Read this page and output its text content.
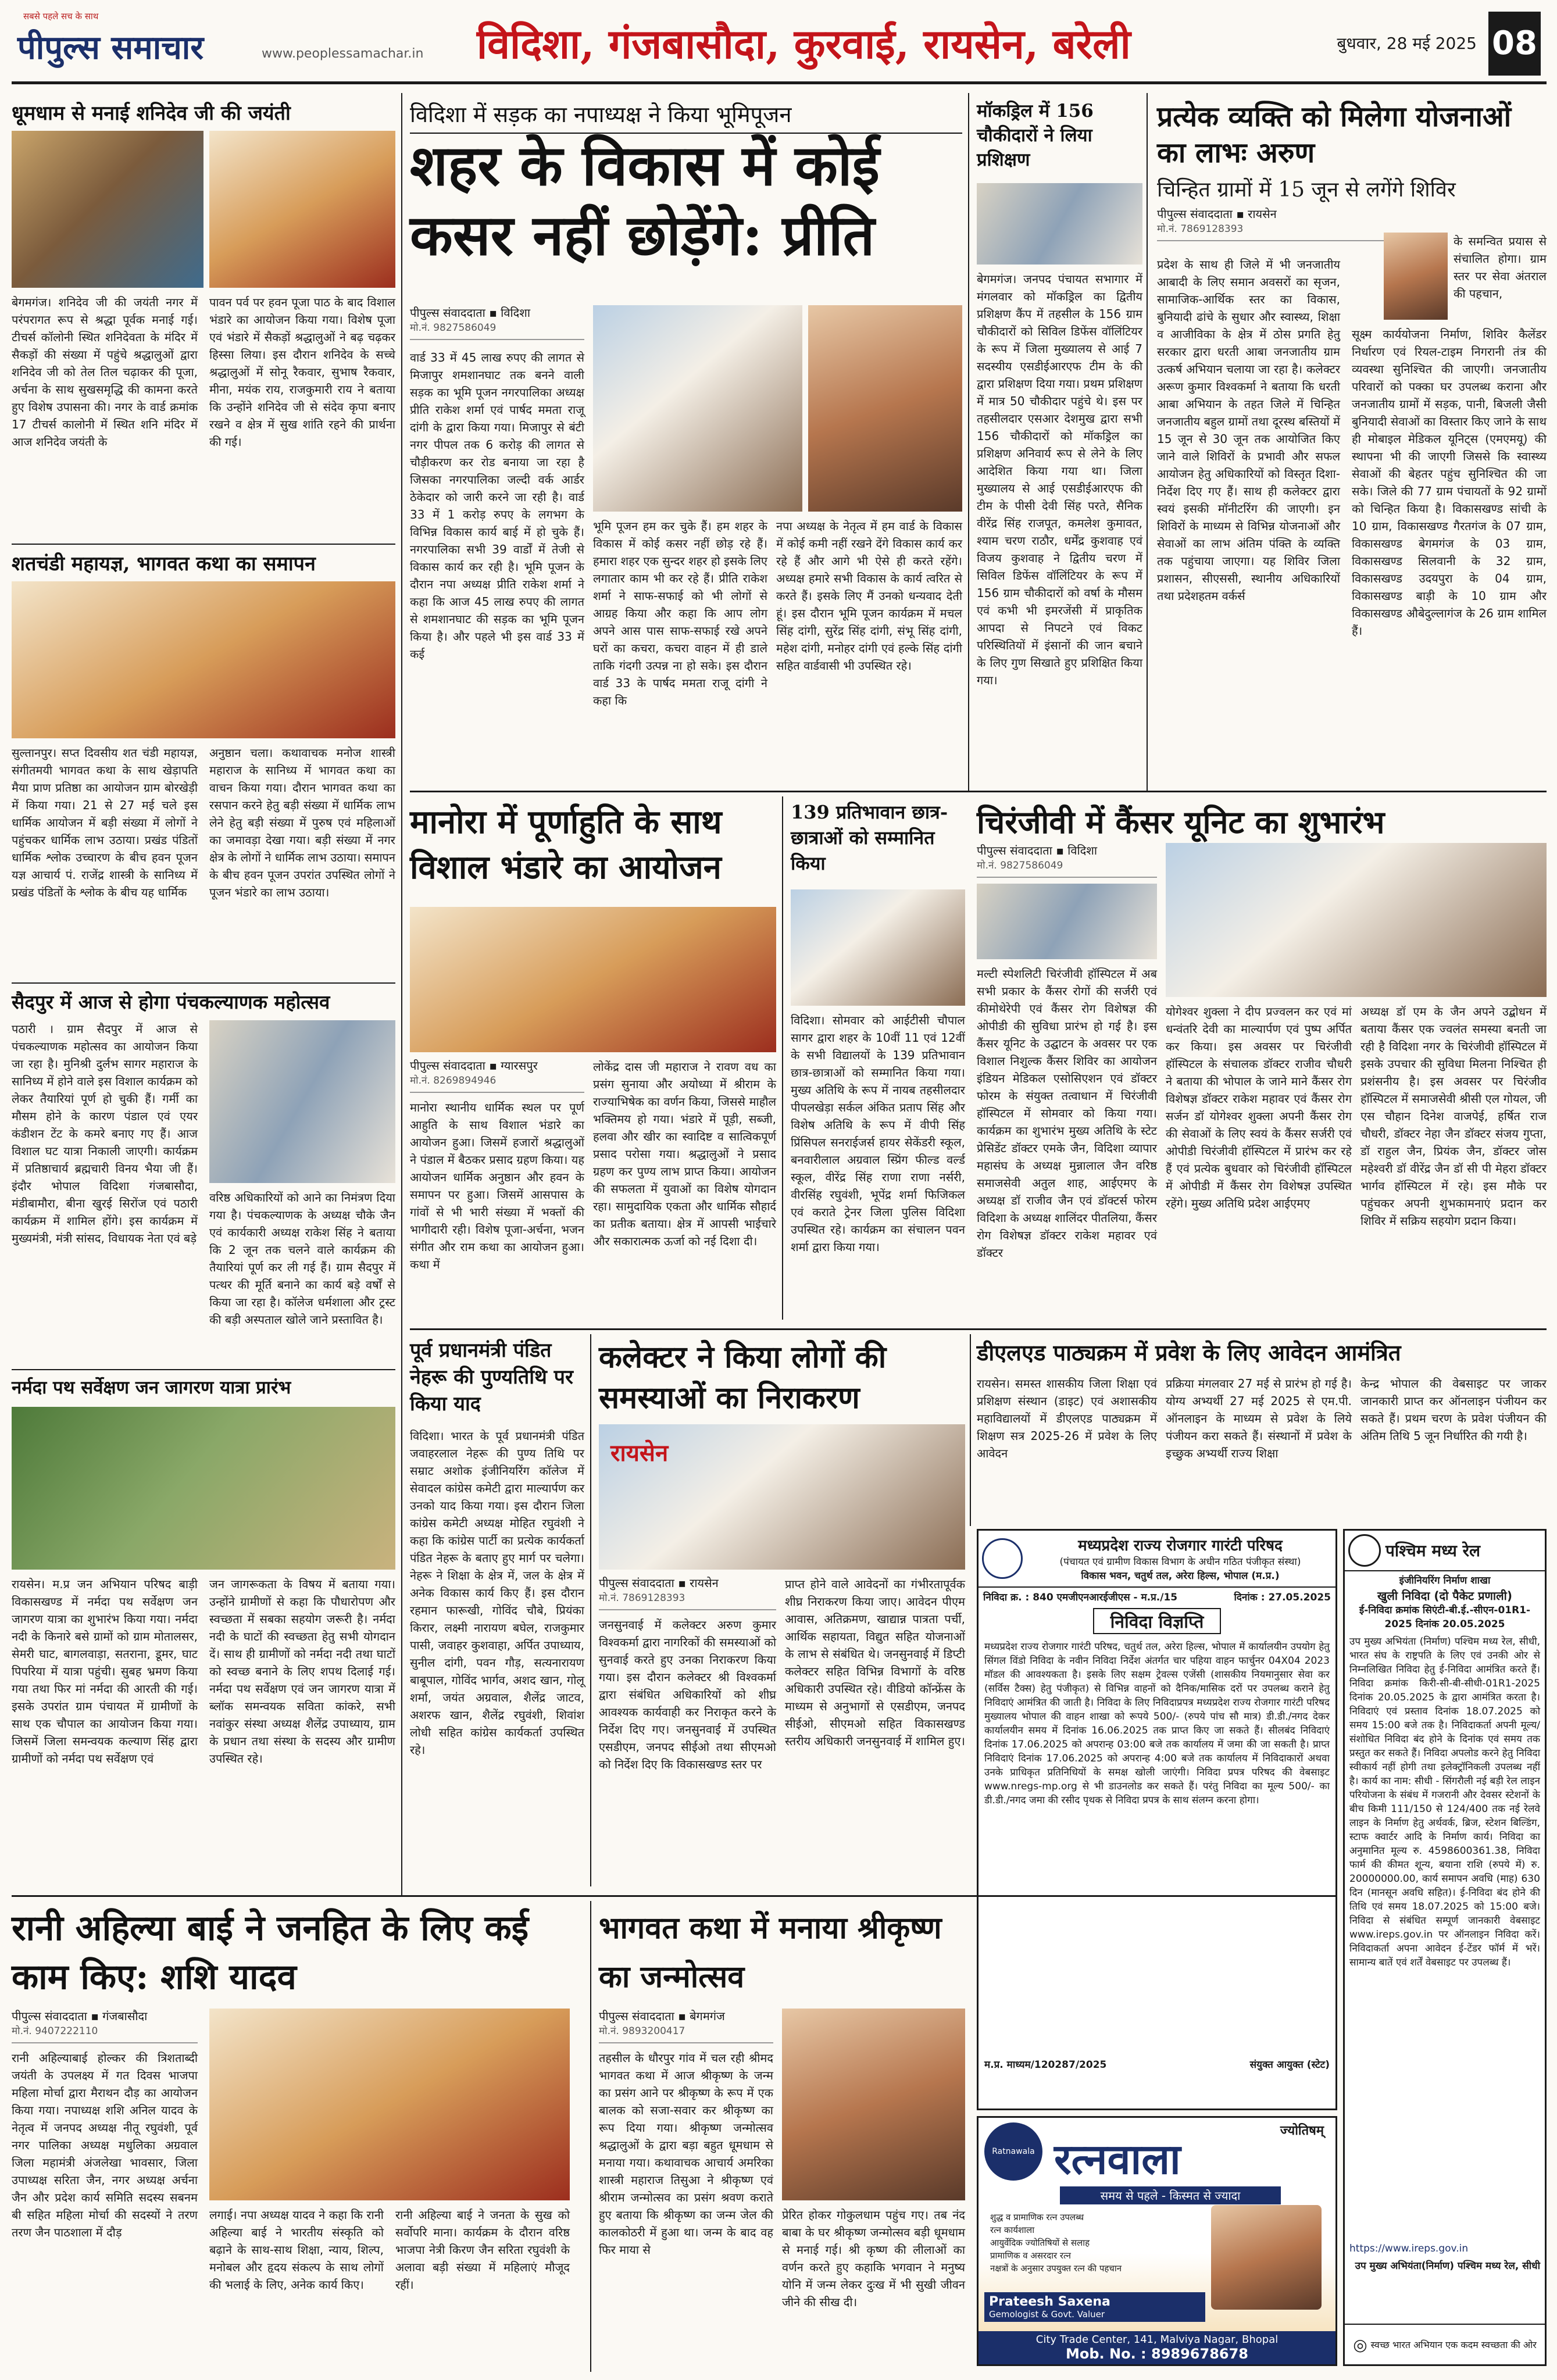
सबसे पहले सच के साथ
पीपुल्स समाचार	www.peoplessamachar.in विदिशा, गंजबासौदा, कुरवाई, रायसेन, बरेली	बुधवार, 28 मई 2025 08
धूमधाम से मनाई शनिदेव जी की जयंती
बेगमगंज। शनिदेव जी की जयंती नगर में परंपरागत रूप से श्रद्धा पूर्वक मनाई गई। टीचर्स कॉलोनी स्थित शनिदेवता के मंदिर में सैकड़ों की संख्या में पहुंचे श्रद्धालुओं द्वारा शनिदेव जी को तेल तिल चढ़ाकर की पूजा, अर्चना के साथ सुखसमृद्धि की कामना करते हुए विशेष उपासना की। नगर के वार्ड क्रमांक 17 टीचर्स कालोनी में स्थित शनि मंदिर में आज शनिदेव जयंती के
पावन पर्व पर हवन पूजा पाठ के बाद विशाल भंडारे का आयोजन किया गया। विशेष पूजा एवं भंडारे में सैकड़ों श्रद्धालुओं ने बढ़ चढ़कर हिस्सा लिया। इस दौरान शनिदेव के सच्चे श्रद्धालुओं में सोनू रैकवार, सुभाष रैकवार, मीना, मयंक राय, राजकुमारी राय ने बताया कि उन्होंने शनिदेव जी से संदेव कृपा बनाए रखने व क्षेत्र में सुख शांति रहने की प्रार्थना की गई।
शतचंडी महायज्ञ, भागवत कथा का समापन
सुल्तानपुर। सप्त दिवसीय शत चंडी महायज्ञ, संगीतमयी भागवत कथा के साथ खेड़ापति मैया प्राण प्रतिष्ठा का आयोजन ग्राम बोरखेड़ी में किया गया। 21 से 27 मई चले इस धार्मिक आयोजन में बड़ी संख्या में लोगों ने पहुंचकर धार्मिक लाभ उठाया। प्रखंड पंडितों धार्मिक श्लोक उच्चारण के बीच हवन पूजन यज्ञ आचार्य पं. राजेंद्र शास्त्री के सानिध्य में प्रखंड पंडितों के श्लोक के बीच यह धार्मिक
अनुष्ठान चला। कथावाचक मनोज शास्त्री महाराज के सानिध्य में भागवत कथा का वाचन किया गया। दौरान भागवत कथा का रसपान करने हेतु बड़ी संख्या में धार्मिक लाभ लेने हेतु बड़ी संख्या में पुरुष एवं महिलाओं का जमावड़ा देखा गया। बड़ी संख्या में नगर क्षेत्र के लोगों ने धार्मिक लाभ उठाया। समापन के बीच हवन पूजन उपरांत उपस्थित लोगों ने पूजन भंडारे का लाभ उठाया।
सैदपुर में आज से होगा पंचकल्याणक महोत्सव
पठारी । ग्राम सैदपुर में आज से पंचकल्याणक महोत्सव का आयोजन किया जा रहा है। मुनिश्री दुर्लभ सागर महाराज के सानिध्य में होने वाले इस विशाल कार्यक्रम को लेकर तैयारियां पूर्ण हो चुकी हैं। गर्मी का मौसम होने के कारण पंडाल एवं एयर कंडीशन टेंट के कमरे बनाए गए हैं। आज विशाल घट यात्रा निकाली जाएगी। कार्यक्रम में प्रतिष्ठाचार्य ब्रह्मचारी विनय भैया जी हैं। इंदौर भोपाल विदिशा गंजबासौदा, मंडीबामौरा, बीना खुरई सिरोंज एवं पठारी कार्यक्रम में शामिल होंगे। इस कार्यक्रम में मुख्यमंत्री, मंत्री सांसद, विधायक नेता एवं बड़े
वरिष्ठ अधिकारियों को आने का निमंत्रण दिया गया है। पंचकल्याणक के अध्यक्ष चौके जैन एवं कार्यकारी अध्यक्ष राकेश सिंह ने बताया कि 2 जून तक चलने वाले कार्यक्रम की तैयारियां पूर्ण कर ली गई हैं। ग्राम सैदपुर में पत्थर की मूर्ति बनाने का कार्य बड़े वर्षों से किया जा रहा है। कॉलेज धर्मशाला और ट्रस्ट की बड़ी अस्पताल खोले जाने प्रस्तावित है।
नर्मदा पथ सर्वेक्षण जन जागरण यात्रा प्रारंभ
रायसेन। म.प्र जन अभियान परिषद बाड़ी विकासखण्ड में नर्मदा पथ सर्वेक्षण जन जागरण यात्रा का शुभारंभ किया गया। नर्मदा नदी के किनारे बसे ग्रामों को ग्राम मोतालसर, सेमरी घाट, बागलवाड़ा, सतराना, डूमर, घाट पिपरिया में यात्रा पहुंची। सुबह भ्रमण किया गया तथा फिर मां नर्मदा की आरती की गई। इसके उपरांत ग्राम पंचायत में ग्रामीणों के साथ एक चौपाल का आयोजन किया गया। जिसमें जिला समन्वयक कल्याण सिंह द्वारा ग्रामीणों को नर्मदा पथ सर्वेक्षण एवं
जन जागरूकता के विषय में बताया गया। उन्होंने ग्रामीणों से कहा कि पौधारोपण और स्वच्छता में सबका सहयोग जरूरी है। नर्मदा नदी के घाटों की स्वच्छता हेतु सभी योगदान दें। साथ ही ग्रामीणों को नर्मदा नदी तथा घाटों को स्वच्छ बनाने के लिए शपथ दिलाई गई। नर्मदा पथ सर्वेक्षण एवं जन जागरण यात्रा में ब्लॉक समन्वयक सविता कांकरे, सभी नवांकुर संस्था अध्यक्ष शैलेंद्र उपाध्याय, ग्राम के प्रधान तथा संस्था के सदस्य और ग्रामीण उपस्थित रहे।
विदिशा में सड़क का नपाध्यक्ष ने किया भूमिपूजन
शहर के विकास में कोई कसर नहीं छोड़ेंगे: प्रीति
पीपुल्स संवाददाता ▪ विदिशा
मो.नं. 9827586049
वार्ड 33 में 45 लाख रुपए की लागत से मिजापुर शमशानघाट तक बनने वाली सड़क का भूमि पूजन नगरपालिका अध्यक्ष प्रीति राकेश शर्मा एवं पार्षद ममता राजू दांगी के द्वारा किया गया। मिजापुर से बंटी नगर पीपल तक 6 करोड़ की लागत से चौड़ीकरण कर रोड बनाया जा रहा है जिसका नगरपालिका जल्दी वर्क आर्डर ठेकेदार को जारी करने जा रही है। वार्ड 33 में 1 करोड़ रुपए के लगभग के विभिन्न विकास कार्य बाई में हो चुके हैं। नगरपालिका सभी 39 वार्डों में तेजी से विकास कार्य कर रही है। भूमि पूजन के दौरान नपा अध्यक्ष प्रीति राकेश शर्मा ने कहा कि आज 45 लाख रुपए की लागत से शमशानघाट की सड़क का भूमि पूजन किया है। और पहले भी इस वार्ड 33 में कई
भूमि पूजन हम कर चुके हैं। हम शहर के विकास में कोई कसर नहीं छोड़ रहे हैं। हमारा शहर एक सुन्दर शहर हो इसके लिए लगातार काम भी कर रहे हैं। प्रीति राकेश शर्मा ने साफ-सफाई को भी लोगों से आग्रह किया और कहा कि आप लोग अपने आस पास साफ-सफाई रखे अपने घरों का कचरा, कचरा वाहन में ही डाले ताकि गंदगी उत्पन्न ना हो सके। इस दौरान वार्ड 33 के पार्षद ममता राजू दांगी ने कहा कि
नपा अध्यक्ष के नेतृत्व में हम वार्ड के विकास में कोई कमी नहीं रखने देंगे विकास कार्य कर रहे हैं और आगे भी ऐसे ही करते रहेंगे। अध्यक्ष हमारे सभी विकास के कार्य त्वरित से करते हैं। इसके लिए मैं उनको धन्यवाद देती हूं। इस दौरान भूमि पूजन कार्यक्रम में मचल सिंह दांगी, सुरेंद्र सिंह दांगी, संभू सिंह दांगी, महेश दांगी, मनोहर दांगी एवं हल्के सिंह दांगी सहित वार्डवासी भी उपस्थित रहे।
मॉकड्रिल में 156 चौकीदारों ने लिया प्रशिक्षण
बेगमगंज। जनपद पंचायत सभागार में मंगलवार को मॉकड्रिल का द्वितीय प्रशिक्षण कैंप में तहसील के 156 ग्राम चौकीदारों को सिविल डिफेंस वॉलिंटियर के रूप में जिला मुख्यालय से आई 7 सदस्यीय एसडीईआरएफ टीम के की द्वारा प्रशिक्षण दिया गया। प्रथम प्रशिक्षण में मात्र 50 चौकीदार पहुंचे थे। इस पर तहसीलदार एसआर देशमुख द्वारा सभी 156 चौकीदारों को मॉकड्रिल का प्रशिक्षण अनिवार्य रूप से लेने के लिए आदेशित किया गया था। जिला मुख्यालय से आई एसडीईआरएफ की टीम के पीसी देवी सिंह परते, सैनिक वीरेंद्र सिंह राजपूत, कमलेश कुमावत, श्याम चरण राठौर, धर्मेंद्र कुशवाह एवं विजय कुशवाह ने द्वितीय चरण में सिविल डिफेंस वॉलिंटियर के रूप में 156 ग्राम चौकीदारों को वर्षा के मौसम एवं कभी भी इमरजेंसी में प्राकृतिक आपदा से निपटने एवं विकट परिस्थितियों में इंसानों की जान बचाने के लिए गुण सिखाते हुए प्रशिक्षित किया गया।
प्रत्येक व्यक्ति को मिलेगा योजनाओं का लाभः अरुण
चिन्हित ग्रामों में 15 जून से लगेंगे शिविर
पीपुल्स संवाददाता ▪ रायसेन
मो.नं. 7869128393
के समन्वित प्रयास से संचालित होगा। ग्राम स्तर पर सेवा अंतराल की पहचान,
प्रदेश के साथ ही जिले में भी जनजातीय आबादी के लिए समान अवसरों का सृजन, सामाजिक-आर्थिक स्तर का विकास, बुनियादी ढांचे के सुधार और स्वास्थ्य, शिक्षा व आजीविका के क्षेत्र में ठोस प्रगति हेतु सरकार द्वारा धरती आबा जनजातीय ग्राम उत्कर्ष अभियान चलाया जा रहा है। कलेक्टर अरूण कुमार विश्वकर्मा ने बताया कि धरती आबा अभियान के तहत जिले में चिन्हित जनजातीय बहुल ग्रामों तथा दूरस्थ बस्तियों में 15 जून से 30 जून तक आयोजित किए जाने वाले शिविरों के प्रभावी और सफल आयोजन हेतु अधिकारियों को विस्तृत दिशा-निर्देश दिए गए हैं। साथ ही कलेक्टर द्वारा स्वयं इसकी मॉनीटरिंग की जाएगी। इन शिविरों के माध्यम से विभिन्न योजनाओं और सेवाओं का लाभ अंतिम पंक्ति के व्यक्ति तक पहुंचाया जाएगा। यह शिविर जिला प्रशासन, सीएससी, स्थानीय अधिकारियों तथा प्रदेशहतम वर्कर्स
सूक्ष्म कार्ययोजना निर्माण, शिविर कैलेंडर निर्धारण एवं रियल-टाइम निगरानी तंत्र की व्यवस्था सुनिश्चित की जाएगी। जनजातीय परिवारों को पक्का घर उपलब्ध कराना और जनजातीय ग्रामों में सड़क, पानी, बिजली जैसी बुनियादी सेवाओं का विस्तार किए जाने के साथ ही मोबाइल मेडिकल यूनिट्स (एमएमयू) की स्थापना भी की जाएगी जिससे कि स्वास्थ्य सेवाओं की बेहतर पहुंच सुनिश्चित की जा सके। जिले की 77 ग्राम पंचायतों के 92 ग्रामों को चिन्हित किया है। विकासखण्ड सांची के 10 ग्राम, विकासखण्ड गैरतगंज के 07 ग्राम, विकासखण्ड बेगमगंज के 03 ग्राम, विकासखण्ड सिलवानी के 32 ग्राम, विकासखण्ड उदयपुरा के 04 ग्राम, विकासखण्ड बाड़ी के 10 ग्राम और विकासखण्ड औबेदुल्लागंज के 26 ग्राम शामिल हैं।
मानोरा में पूर्णाहुति के साथ विशाल भंडारे का आयोजन
पीपुल्स संवाददाता ▪ ग्यारसपुर
मो.नं. 8269894946
मानोरा स्थानीय धार्मिक स्थल पर पूर्ण आहुति के साथ विशाल भंडारे का आयोजन हुआ। जिसमें हजारों श्रद्धालुओं ने पंडाल में बैठकर प्रसाद ग्रहण किया। यह आयोजन धार्मिक अनुष्ठान और हवन के समापन पर हुआ। जिसमें आसपास के गांवों से भी भारी संख्या में भक्तों की भागीदारी रही। विशेष पूजा-अर्चना, भजन संगीत और राम कथा का आयोजन हुआ। कथा में
लोकेंद्र दास जी महाराज ने रावण वध का प्रसंग सुनाया और अयोध्या में श्रीराम के राज्याभिषेक का वर्णन किया, जिससे माहौल भक्तिमय हो गया। भंडारे में पूड़ी, सब्जी, हलवा और खीर का स्वादिष्ट व सात्विकपूर्ण प्रसाद परोसा गया। श्रद्धालुओं ने प्रसाद ग्रहण कर पुण्य लाभ प्राप्त किया। आयोजन की सफलता में युवाओं का विशेष योगदान रहा। सामुदायिक एकता और धार्मिक सौहार्द का प्रतीक बताया। क्षेत्र में आपसी भाईचारे और सकारात्मक ऊर्जा को नई दिशा दी।
139 प्रतिभावान छात्र-छात्राओं को सम्मानित किया
विदिशा। सोमवार को आईटीसी चौपाल सागर द्वारा शहर के 10वीं 11 एवं 12वीं के सभी विद्यालयों के 139 प्रतिभावान छात्र-छात्राओं को सम्मानित किया गया। मुख्य अतिथि के रूप में नायब तहसीलदार पीपलखेड़ा सर्कल अंकित प्रताप सिंह और विशेष अतिथि के रूप में वीपी सिंह प्रिंसिपल सनराईजर्स हायर सेकेंडरी स्कूल, बनवारीलाल अग्रवाल स्प्रिंग फील्ड वर्ल्ड स्कूल, वीरेंद्र सिंह राणा राणा नर्सरी, वीरसिंह रघुवंशी, भूपेंद्र शर्मा फिजिकल एवं कराते ट्रेनर जिला पुलिस विदिशा उपस्थित रहे। कार्यक्रम का संचालन पवन शर्मा द्वारा किया गया।
चिरंजीवी में कैंसर यूनिट का शुभारंभ
पीपुल्स संवाददाता ▪ विदिशा
मो.नं. 9827586049
मल्टी स्पेशलिटी चिरंजीवी हॉस्पिटल में अब सभी प्रकार के कैंसर रोगों की सर्जरी एवं कीमोथेरेपी एवं कैंसर रोग विशेषज्ञ की ओपीडी की सुविधा प्रारंभ हो गई है। इस कैंसर यूनिट के उद्घाटन के अवसर पर एक विशाल निशुल्क कैंसर शिविर का आयोजन इंडियन मेडिकल एसोसिएशन एवं डॉक्टर फोरम के संयुक्त तत्वाधान में चिरंजीवी हॉस्पिटल में सोमवार को किया गया। कार्यक्रम का शुभारंभ मुख्य अतिथि के स्टेट प्रेसिडेंट डॉक्टर एमके जैन, विदिशा व्यापार महासंघ के अध्यक्ष मुन्नालाल जैन वरिष्ठ समाजसेवी अतुल शाह, आईएमए के अध्यक्ष डॉ राजीव जैन एवं डॉक्टर्स फोरम विदिशा के अध्यक्ष शालिंदर पीतलिया, कैंसर रोग विशेषज्ञ डॉक्टर राकेश महावर एवं डॉक्टर
योगेश्वर शुक्ला ने दीप प्रज्वलन कर एवं मां धन्वंतरि देवी का माल्यार्पण एवं पुष्प अर्पित कर किया। इस अवसर पर चिरंजीवी हॉस्पिटल के संचालक डॉक्टर राजीव चौधरी ने बताया की भोपाल के जाने माने कैंसर रोग विशेषज्ञ डॉक्टर राकेश महावर एवं कैंसर रोग सर्जन डॉ योगेश्वर शुक्ला अपनी कैंसर रोग की सेवाओं के लिए स्वयं के कैंसर सर्जरी एवं ओपीडी चिरंजीवी हॉस्पिटल में प्रारंभ कर रहे हैं एवं प्रत्येक बुधवार को चिरंजीवी हॉस्पिटल में ओपीडी में कैंसर रोग विशेषज्ञ उपस्थित रहेंगे। मुख्य अतिथि प्रदेश आईएमए
अध्यक्ष डॉ एम के जैन अपने उद्बोधन में बताया कैंसर एक ज्वलंत समस्या बनती जा रही है विदिशा नगर के चिरंजीवी हॉस्पिटल में इसके उपचार की सुविधा मिलना निश्चित ही प्रशंसनीय है। इस अवसर पर चिरंजीव हॉस्पिटल में समाजसेवी श्रीसी एल गोयल, जी एस चौहान दिनेश वाजपेई, हर्षित राज चौधरी, डॉक्टर नेहा जैन डॉक्टर संजय गुप्ता, डॉ राहुल जैन, प्रियंक जैन, डॉक्टर जोस महेश्वरी डॉ वीरेंद्र जैन डॉ सी पी मेहरा डॉक्टर भार्गव हॉस्पिटल में रहे। इस मौके पर पहुंचकर अपनी शुभकामनाएं प्रदान कर शिविर में सक्रिय सहयोग प्रदान किया।
पूर्व प्रधानमंत्री पंडित नेहरू की पुण्यतिथि पर किया याद
विदिशा। भारत के पूर्व प्रधानमंत्री पंडित जवाहरलाल नेहरू की पुण्य तिथि पर सम्राट अशोक इंजीनियरिंग कॉलेज में सेवादल कांग्रेस कमेटी द्वारा माल्यार्पण कर उनको याद किया गया। इस दौरान जिला कांग्रेस कमेटी अध्यक्ष मोहित रघुवंशी ने कहा कि कांग्रेस पार्टी का प्रत्येक कार्यकर्ता पंडित नेहरू के बताए हुए मार्ग पर चलेगा। नेहरू ने शिक्षा के क्षेत्र में, जल के क्षेत्र में अनेक विकास कार्य किए हैं। इस दौरान रहमान फारूखी, गोविंद चौबे, प्रियंका किरार, लक्ष्मी नारायण बघेल, राजकुमार पासी, जवाहर कुशवाहा, अर्पित उपाध्याय, सुनील दांगी, पवन गौड़, सत्यनारायण बाबूपाल, गोविंद भार्गव, अशद खान, गोलू शर्मा, जयंत अग्रवाल, शैलेंद्र जाटव, अशरफ खान, शैलेंद्र रघुवंशी, शिवांश लोधी सहित कांग्रेस कार्यकर्ता उपस्थित रहे।
कलेक्टर ने किया लोगों की समस्याओं का निराकरण
रायसेन
पीपुल्स संवाददाता ▪ रायसेन
मो.नं. 7869128393
जनसुनवाई में कलेक्टर अरुण कुमार विश्वकर्मा द्वारा नागरिकों की समस्याओं को सुनवाई करते हुए उनका निराकरण किया गया। इस दौरान कलेक्टर श्री विश्वकर्मा द्वारा संबंधित अधिकारियों को शीघ्र आवश्यक कार्यवाही कर निराकृत करने के निर्देश दिए गए। जनसुनवाई में उपस्थित एसडीएम, जनपद सीईओ तथा सीएमओ को निर्देश दिए कि विकासखण्ड स्तर पर
प्राप्त होने वाले आवेदनों का गंभीरतापूर्वक शीघ्र निराकरण किया जाए। आवेदन पीएम आवास, अतिक्रमण, खाद्यान्न पात्रता पर्ची, आर्थिक सहायता, विद्युत सहित योजनाओं के लाभ से संबंधित थे। जनसुनवाई में डिप्टी कलेक्टर सहित विभिन्न विभागों के वरिष्ठ अधिकारी उपस्थित रहे। वीडियो कॉन्फ्रेंस के माध्यम से अनुभागों से एसडीएम, जनपद सीईओ, सीएमओ सहित विकासखण्ड स्तरीय अधिकारी जनसुनवाई में शामिल हुए।
डीएलएड पाठ्यक्रम में प्रवेश के लिए आवेदन आमंत्रित
रायसेन। समस्त शासकीय जिला शिक्षा एवं प्रशिक्षण संस्थान (डाइट) एवं अशासकीय महाविद्यालयों में डीएलएड पाठ्यक्रम में शिक्षण सत्र 2025-26 में प्रवेश के लिए आवेदन
प्रक्रिया मंगलवार 27 मई से प्रारंभ हो गई है। योग्य अभ्यर्थी 27 मई 2025 से एम.पी. ऑनलाइन के माध्यम से प्रवेश के लिये पंजीयन करा सकते हैं। संस्थानों में प्रवेश के इच्छुक अभ्यर्थी राज्य शिक्षा
केन्द्र भोपाल की वेबसाइट पर जाकर जानकारी प्राप्त कर ऑनलाइन पंजीयन कर सकते हैं। प्रथम चरण के प्रवेश पंजीयन की अंतिम तिथि 5 जून निर्धारित की गयी है।
मध्यप्रदेश राज्य रोजगार गारंटी परिषद
(पंचायत एवं ग्रामीण विकास विभाग के अधीन गठित पंजीकृत संस्था)
विकास भवन, चतुर्थ तल, अरेरा हिल्स, भोपाल (म.प्र.)
निविदा क्र. : 840 एमजीएनआरईजीएस - म.प्र./15	दिनांक : 27.05.2025
निविदा विज्ञप्ति
मध्यप्रदेश राज्य रोजगार गारंटी परिषद, चतुर्थ तल, अरेरा हिल्स, भोपाल में कार्यालयीन उपयोग हेतु सिंगल विंडो निविदा के नवीन निविदा निर्देश अंतर्गत चार पहिया वाहन फार्चुनर 04X04 2023 मॉडल की आवश्यकता है। इसके लिए सक्षम ट्रेवल्स एजेंसी (शासकीय नियमानुसार सेवा कर (सर्विस टैक्स) हेतु पंजीकृत) से विभिन्न वाहनों को दैनिक/मासिक दरों पर उपलब्ध कराने हेतु निविदाएं आमंत्रित की जाती है। निविदा के लिए निविदाप्रपत्र मध्यप्रदेश राज्य रोजगार गारंटी परिषद मुख्यालय भोपाल की वाहन शाखा को रूपये 500/- (रुपये पांच सौ मात्र) डी.डी./नगद देकर कार्यालयीन समय में दिनांक 16.06.2025 तक प्राप्त किए जा सकते हैं। सीलबंद निविदाएं दिनांक 17.06.2025 को अपरान्ह 03:00 बजे तक कार्यालय में जमा की जा सकती है। प्राप्त निविदाएं दिनांक 17.06.2025 को अपरान्ह 4:00 बजे तक कार्यालय में निविदाकारों अथवा उनके प्राधिकृत प्रतिनिधियों के समक्ष खोली जाएंगी। निविदा प्रपत्र परिषद की वेबसाइट www.nregs-mp.org से भी डाउनलोड कर सकते हैं। परंतु निविदा का मूल्य 500/- का डी.डी./नगद जमा की रसीद पृथक से निविदा प्रपत्र के साथ संलग्न करना होगा।
म.प्र. माध्यम/120287/2025	संयुक्त आयुक्त (स्टेट)
पश्चिम मध्य रेल
इंजीनियरिंग निर्माण शाखा
खुली निविदा (दो पैकेट प्रणाली)
ई-निविदा क्रमांक सिएंटी-बी.ई.-सीएन-01R1-2025 दिनांक 20.05.2025
उप मुख्य अभियंता (निर्माण) पश्चिम मध्य रेल, सीधी, भारत संघ के राष्ट्रपति के लिए एवं उनकी ओर से निम्नलिखित निविदा हेतु ई-निविदा आमंत्रित करते हैं। निविदा क्रमांक किरी-सी-बी-सीधी-01R1-2025 दिनांक 20.05.2025 के द्वारा आमंत्रित करता है। निविदाएं एवं प्रस्ताव दिनांक 18.07.2025 को समय 15:00 बजे तक है। निविदाकर्ता अपनी मूल्य/संशोधित निविदा बंद होने के दिनांक एवं समय तक प्रस्तुत कर सकते हैं। निविदा अपलोड करने हेतु निविदा स्वीकार्य नहीं होगी तथा इलेक्ट्रॉनिकली उपलब्ध नहीं है। कार्य का नाम: सीधी - सिंगरौली नई बड़ी रेल लाइन परियोजना के संबंध में गजरानी और देवसर स्टेशनों के बीच किमी 111/150 से 124/400 तक नई रेलवे लाइन के निर्माण हेतु अर्थवर्क, ब्रिज, स्टेशन बिल्डिंग, स्टाफ क्वार्टर आदि के निर्माण कार्य। निविदा का अनुमानित मूल्य रु. 4598600361.38, निविदा फार्म की कीमत शून्य, बयाना राशि (रुपये में) रु. 20000000.00, कार्य समापन अवधि (माह) 630 दिन (मानसून अवधि सहित)। ई-निविदा बंद होने की तिथि एवं समय 18.07.2025 को 15:00 बजे। निविदा से संबंधित सम्पूर्ण जानकारी वेबसाइट www.ireps.gov.in पर ऑनलाइन निविदा करें। निविदाकर्ता अपना आवेदन ई-टेंडर फॉर्म में भरें। सामान्य बातें एवं शर्तें वेबसाइट पर उपलब्ध हैं।
https://www.ireps.gov.in
उप मुख्य अभियंता(निर्माण) पश्चिम मध्य रेल, सीधी
◎ स्वच्छ भारत अभियान एक कदम स्वच्छता की ओर
रानी अहिल्या बाई ने जनहित के लिए कई काम किए: शशि यादव
पीपुल्स संवाददाता ▪ गंजबासौदा
मो.नं. 9407222110
रानी अहिल्याबाई होल्कर की त्रिशताब्दी जयंती के उपलक्ष्य में गत दिवस भाजपा महिला मोर्चा द्वारा मैराथन दौड़ का आयोजन किया गया। नपाध्यक्ष शशि अनिल यादव के नेतृत्व में जनपद अध्यक्ष नीतू रघुवंशी, पूर्व नगर पालिका अध्यक्ष मधुलिका अग्रवाल जिला महामंत्री अंजलेखा भावसार, जिला उपाध्यक्ष सरिता जैन, नगर अध्यक्ष अर्चना जैन और प्रदेश कार्य समिति सदस्य सबनम बी सहित महिला मोर्चा की सदस्यों ने तरण तरण जैन पाठशाला में दौड़
लगाई। नपा अध्यक्ष यादव ने कहा कि रानी अहिल्या बाई ने भारतीय संस्कृति को बढ़ाने के साथ-साथ शिक्षा, न्याय, शिल्प, मनोबल और हृदय संकल्प के साथ लोगों की भलाई के लिए, अनेक कार्य किए।
रानी अहिल्या बाई ने जनता के सुख को सर्वोपरि माना। कार्यक्रम के दौरान वरिष्ठ भाजपा नेत्री किरण जैन सरिता रघुवंशी के अलावा बड़ी संख्या में महिलाएं मौजूद रहीं।
भागवत कथा में मनाया श्रीकृष्ण का जन्मोत्सव
पीपुल्स संवाददाता ▪ बेगमगंज
मो.नं. 9893200417
तहसील के धौरपुर गांव में चल रही श्रीमद भागवत कथा में आज श्रीकृष्ण के जन्म का प्रसंग आने पर श्रीकृष्ण के रूप में एक बालक को सजा-सवार कर श्रीकृष्ण का रूप दिया गया। श्रीकृष्ण जन्मोत्सव श्रद्धालुओं के द्वारा बड़ा बहुत धूमधाम से मनाया गया। कथावाचक आचार्य अमरिका शास्त्री महाराज तिसुआ ने श्रीकृष्ण एवं श्रीराम जन्मोत्सव का प्रसंग श्रवण कराते हुए बताया कि श्रीकृष्ण का जन्म जेल की कालकोठरी में हुआ था। जन्म के बाद वह फिर माया से
प्रेरित होकर गोकुलधाम पहुंच गए। तब नंद बाबा के घर श्रीकृष्ण जन्मोत्सव बड़ी धूमधाम से मनाई गई। श्री कृष्ण की लीलाओं का वर्णन करते हुए कहाकि भगवान ने मनुष्य योनि में जन्म लेकर दुःख में भी सुखी जीवन जीने की सीख दी।
ज्योतिषम्
Ratnawala रत्नवाला
समय से पहले - किस्मत से ज्यादा
शुद्ध व प्रामाणिक रत्न उपलब्ध
रत्न कार्यशाला
आयुर्वेदिक ज्योतिषियों से सलाह
प्रामाणिक व असरदार रत्न
नक्षत्रों के अनुसार उपयुक्त रत्न की पहचान
Prateesh Saxena
Gemologist & Govt. Valuer
City Trade Center, 141, Malviya Nagar, Bhopal
Mob. No. : 8989678678
